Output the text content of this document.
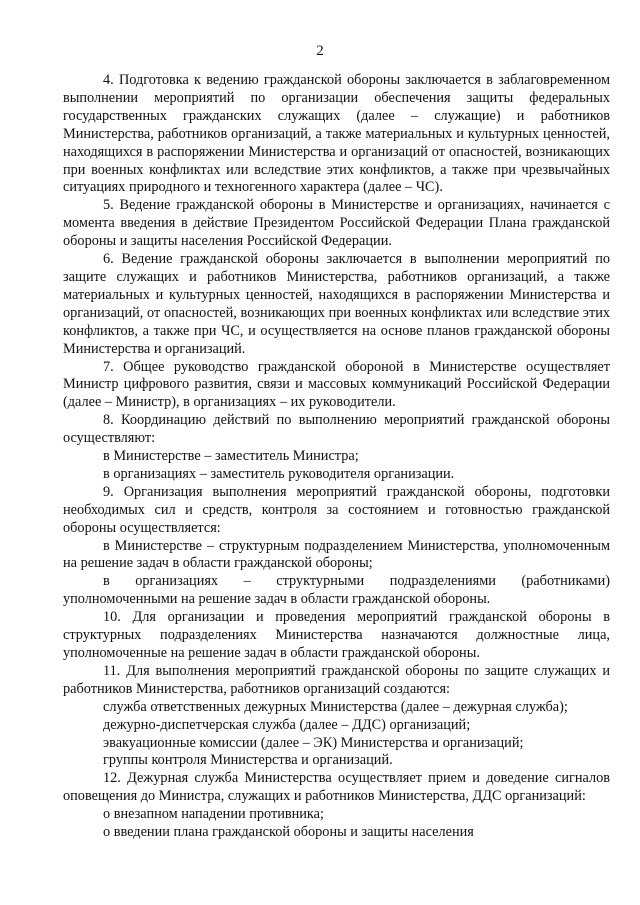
2

4. Подготовка к ведению гражданской обороны заключается в заблаговременном выполнении мероприятий по организации обеспечения защиты федеральных государственных гражданских служащих (далее – служащие) и работников Министерства, работников организаций, а также материальных и культурных ценностей, находящихся в распоряжении Министерства и организаций от опасностей, возникающих при военных конфликтах или вследствие этих конфликтов, а также при чрезвычайных ситуациях природного и техногенного характера (далее – ЧС).

5. Ведение гражданской обороны в Министерстве и организациях, начинается с момента введения в действие Президентом Российской Федерации Плана гражданской обороны и защиты населения Российской Федерации.

6. Ведение гражданской обороны заключается в выполнении мероприятий по защите служащих и работников Министерства, работников организаций, а также материальных и культурных ценностей, находящихся в распоряжении Министерства и организаций, от опасностей, возникающих при военных конфликтах или вследствие этих конфликтов, а также при ЧС, и осуществляется на основе планов гражданской обороны Министерства и организаций.

7. Общее руководство гражданской обороной в Министерстве осуществляет Министр цифрового развития, связи и массовых коммуникаций Российской Федерации (далее – Министр), в организациях – их руководители.

8. Координацию действий по выполнению мероприятий гражданской обороны осуществляют:

в Министерстве – заместитель Министра;

в организациях – заместитель руководителя организации.

9. Организация выполнения мероприятий гражданской обороны, подготовки необходимых сил и средств, контроля за состоянием и готовностью гражданской обороны осуществляется:

в Министерстве – структурным подразделением Министерства, уполномоченным на решение задач в области гражданской обороны;

в организациях – структурными подразделениями (работниками) уполномоченными на решение задач в области гражданской обороны.

10. Для организации и проведения мероприятий гражданской обороны в структурных подразделениях Министерства назначаются должностные лица, уполномоченные на решение задач в области гражданской обороны.

11. Для выполнения мероприятий гражданской обороны по защите служащих и работников Министерства, работников организаций создаются:

служба ответственных дежурных Министерства (далее – дежурная служба);

дежурно-диспетчерская служба (далее – ДДС) организаций;

эвакуационные комиссии (далее – ЭК) Министерства и организаций;

группы контроля Министерства и организаций.

12. Дежурная служба Министерства осуществляет прием и доведение сигналов оповещения до Министра, служащих и работников Министерства, ДДС организаций:

о внезапном нападении противника;

о введении плана гражданской обороны и защиты населения
